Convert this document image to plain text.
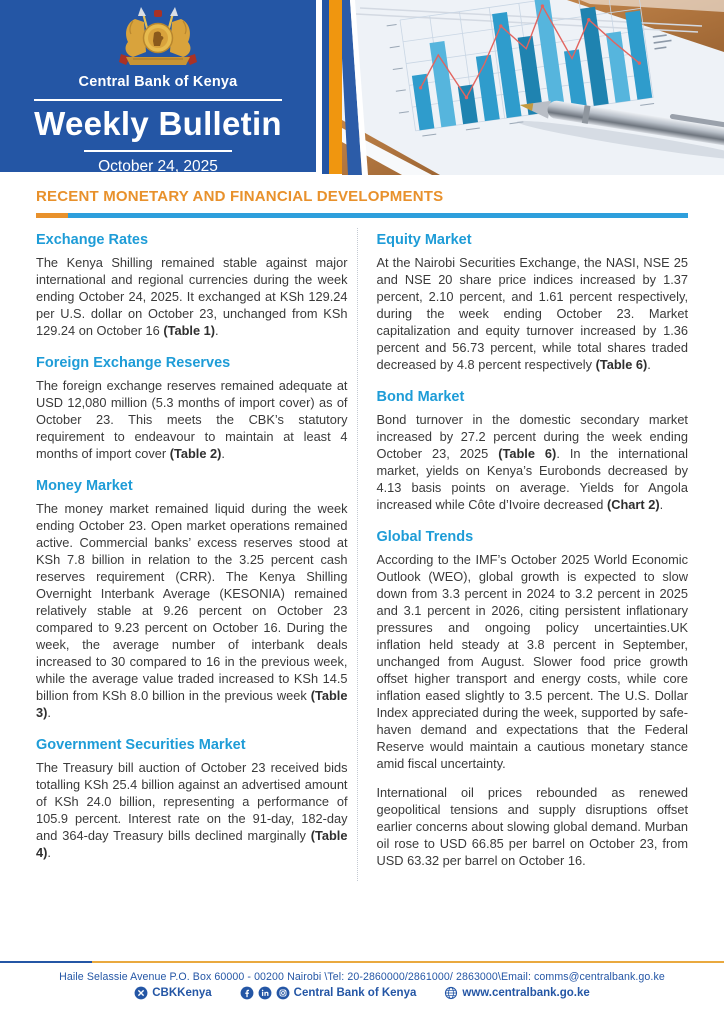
Central Bank of Kenya
Weekly Bulletin
October 24, 2025
RECENT MONETARY AND FINANCIAL DEVELOPMENTS
Exchange Rates

The Kenya Shilling remained stable against major international and regional currencies during the week ending October 24, 2025. It exchanged at KSh 129.24 per U.S. dollar on October 23, unchanged from KSh 129.24 on October 16 (Table 1).

Foreign Exchange Reserves

The foreign exchange reserves remained adequate at USD 12,080 million (5.3 months of import cover) as of October 23. This meets the CBK’s statutory requirement to endeavour to maintain at least 4 months of import cover (Table 2).

Money Market

The money market remained liquid during the week ending October 23. Open market operations remained active. Commercial banks’ excess reserves stood at KSh 7.8 billion in relation to the 3.25 percent cash reserves requirement (CRR). The Kenya Shilling Overnight Interbank Average (KESONIA) remained relatively stable at 9.26 percent on October 23 compared to 9.23 percent on October 16. During the week, the average number of interbank deals increased to 30 compared to 16 in the previous week, while the average value traded increased to KSh 14.5 billion from KSh 8.0 billion in the previous week (Table 3).

Government Securities Market

The Treasury bill auction of October 23 received bids totalling KSh 25.4 billion against an advertised amount of KSh 24.0 billion, representing a performance of 105.9 percent. Interest rate on the 91-day, 182-day and 364-day Treasury bills declined marginally (Table 4).

Equity Market

At the Nairobi Securities Exchange, the NASI, NSE 25 and NSE 20 share price indices increased by 1.37 percent, 2.10 percent, and 1.61 percent respectively, during the week ending October 23. Market capitalization and equity turnover increased by 1.36 percent and 56.73 percent, while total shares traded decreased by 4.8 percent respectively (Table 6).

Bond Market

Bond turnover in the domestic secondary market increased by 27.2 percent during the week ending October 23, 2025 (Table 6). In the international market, yields on Kenya’s Eurobonds decreased by 4.13 basis points on average. Yields for Angola increased while Côte d’Ivoire decreased (Chart 2).

Global Trends

According to the IMF’s October 2025 World Economic Outlook (WEO), global growth is expected to slow down from 3.3 percent in 2024 to 3.2 percent in 2025 and 3.1 percent in 2026, citing persistent inflationary pressures and ongoing policy uncertainties.UK inflation held steady at 3.8 percent in September, unchanged from August. Slower food price growth offset higher transport and energy costs, while core inflation eased slightly to 3.5 percent. The U.S. Dollar Index appreciated during the week, supported by safe-haven demand and expectations that the Federal Reserve would maintain a cautious monetary stance amid fiscal uncertainty.

International oil prices rebounded as renewed geopolitical tensions and supply disruptions offset earlier concerns about slowing global demand. Murban oil rose to USD 66.85 per barrel on October 23, from USD 63.32 per barrel on October 16.

Haile Selassie Avenue P.O. Box 60000 - 00200 Nairobi \Tel: 20-2860000/2861000/ 2863000\Email: comms@centralbank.go.ke
CBKKenya	Central Bank of Kenya	www.centralbank.go.ke
